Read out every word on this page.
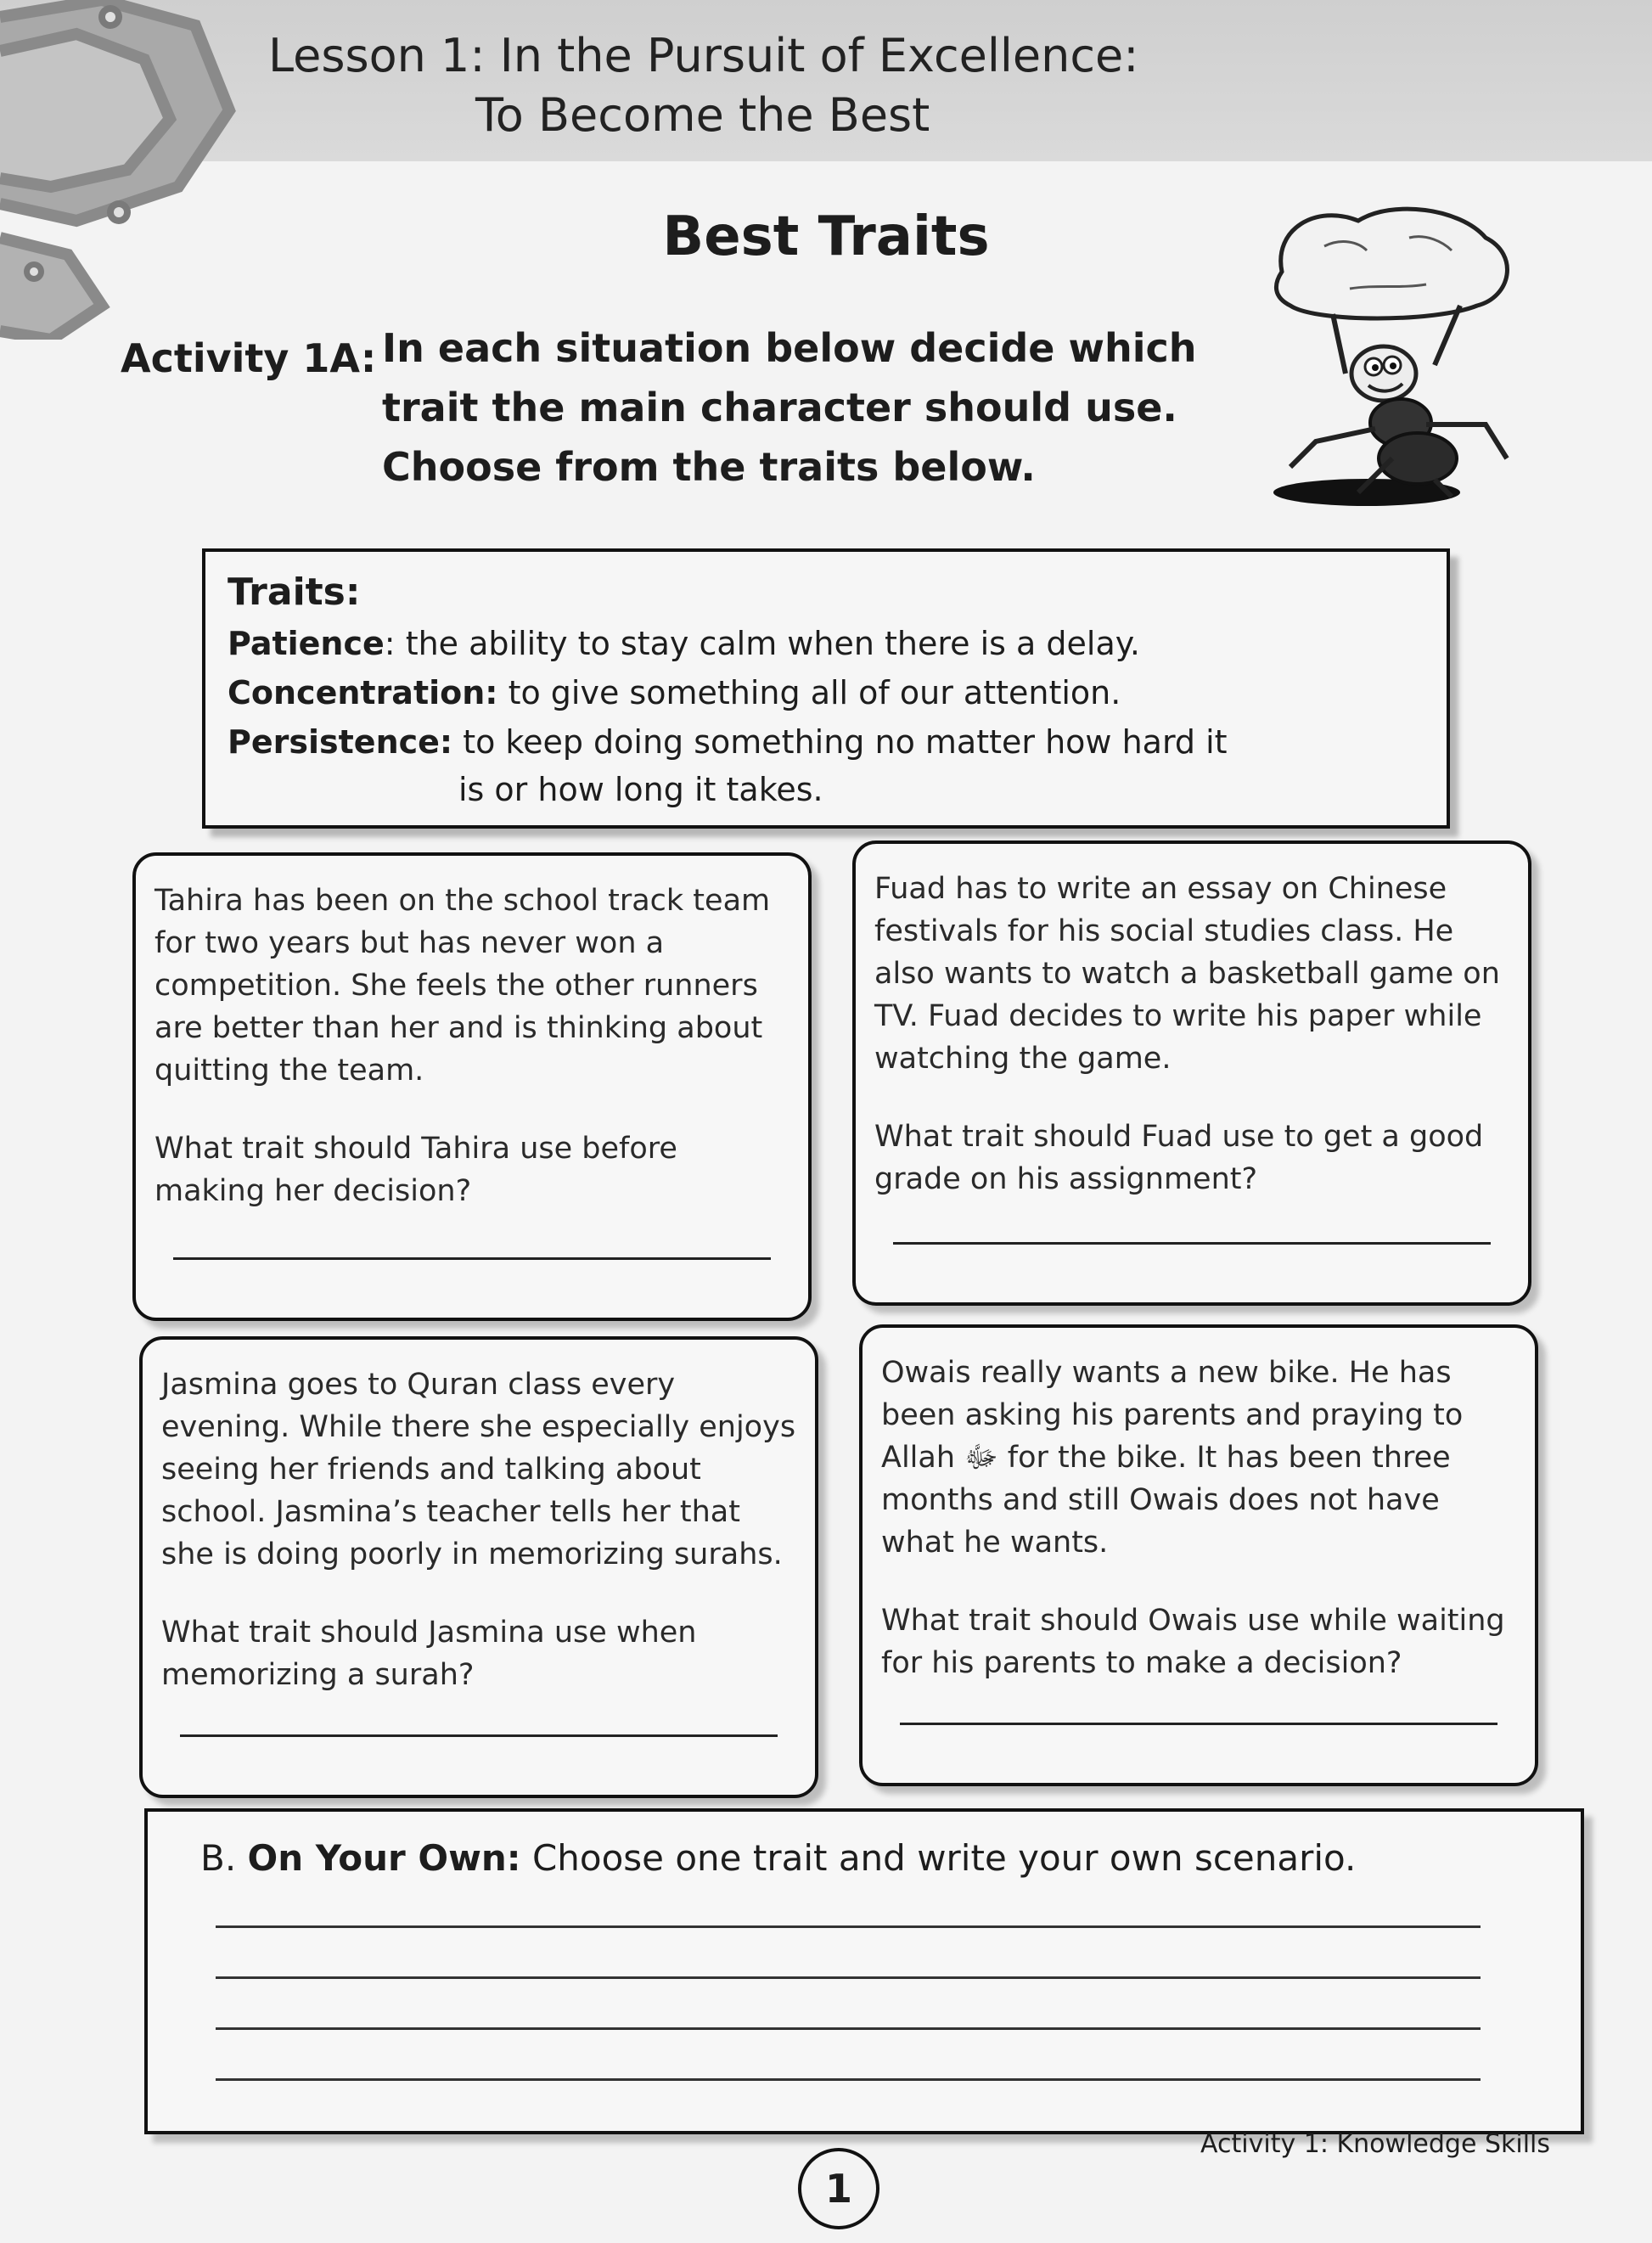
Lesson 1: In the Pursuit of Excellence:
To Become the Best
Best Traits
Activity 1A: In each situation below decide which trait the main character should use. Choose from the traits below.
Traits:
Patience: the ability to stay calm when there is a delay.
Concentration: to give something all of our attention.
Persistence: to keep doing something no matter how hard it
is or how long it takes.

Tahira has been on the school track team for two years but has never won a competition. She feels the other runners are better than her and is thinking about quitting the team.

What trait should Tahira use before making her decision?

Fuad has to write an essay on Chinese festivals for his social studies class. He also wants to watch a basketball game on TV. Fuad decides to write his paper while watching the game.

What trait should Fuad use to get a good grade on his assignment?

Jasmina goes to Quran class every evening. While there she especially enjoys seeing her friends and talking about school. Jasmina’s teacher tells her that she is doing poorly in memorizing surahs.

What trait should Jasmina use when memorizing a surah?

Owais really wants a new bike. He has been asking his parents and praying to Allah ﷻ for the bike. It has been three months and still Owais does not have what he wants.

What trait should Owais use while waiting for his parents to make a decision?

B. On Your Own: Choose one trait and write your own scenario.
Activity 1: Knowledge Skills
1
